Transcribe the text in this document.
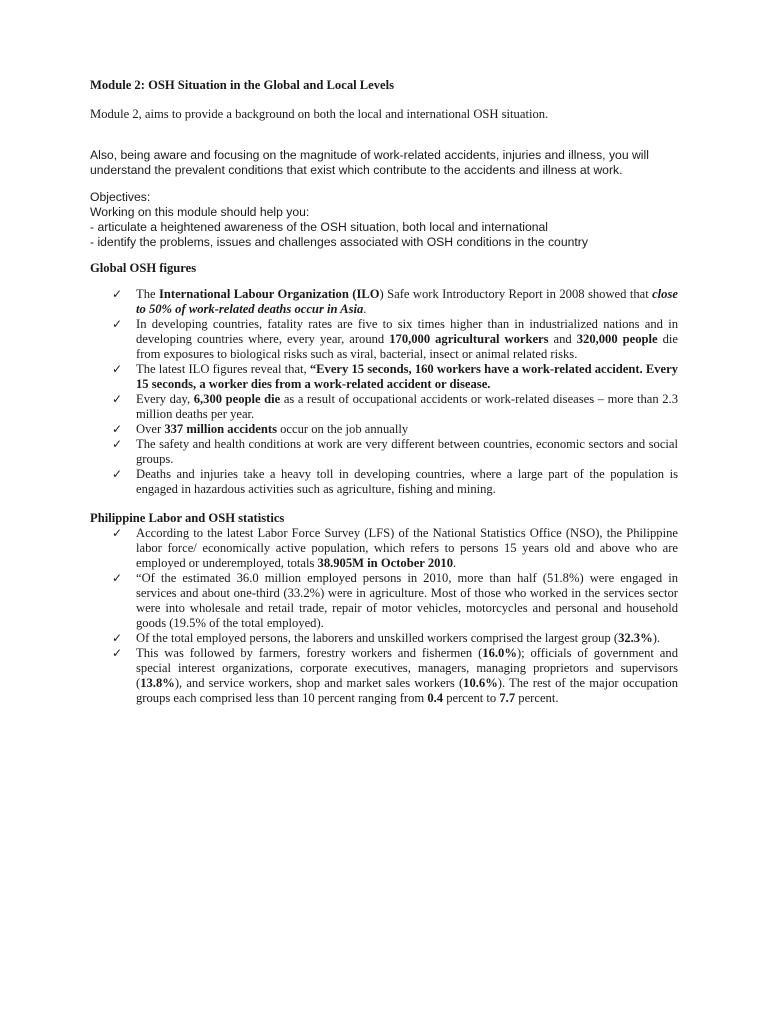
Module 2: OSH Situation in the Global and Local Levels

Module 2, aims to provide a background on both the local and international OSH situation.

Also, being aware and focusing on the magnitude of work-related accidents, injuries and illness, you will understand the prevalent conditions that exist which contribute to the accidents and illness at work.

Objectives:
Working on this module should help you:
- articulate a heightened awareness of the OSH situation, both local and international
- identify the problems, issues and challenges associated with OSH conditions in the country
Global OSH figures
✓ The International Labour Organization (ILO) Safe work Introductory Report in 2008 showed that close to 50% of work-related deaths occur in Asia.
✓ In developing countries, fatality rates are five to six times higher than in industrialized nations and in developing countries where, every year, around 170,000 agricultural workers and 320,000 people die from exposures to biological risks such as viral, bacterial, insect or animal related risks.
✓ The latest ILO figures reveal that, “Every 15 seconds, 160 workers have a work-related accident. Every 15 seconds, a worker dies from a work-related accident or disease.
✓ Every day, 6,300 people die as a result of occupational accidents or work-related diseases – more than 2.3 million deaths per year.
✓ Over 337 million accidents occur on the job annually
✓ The safety and health conditions at work are very different between countries, economic sectors and social groups.
✓ Deaths and injuries take a heavy toll in developing countries, where a large part of the population is engaged in hazardous activities such as agriculture, fishing and mining.
Philippine Labor and OSH statistics
✓ According to the latest Labor Force Survey (LFS) of the National Statistics Office (NSO), the Philippine labor force/ economically active population, which refers to persons 15 years old and above who are employed or underemployed, totals 38.905M in October 2010.
✓ “Of the estimated 36.0 million employed persons in 2010, more than half (51.8%) were engaged in services and about one-third (33.2%) were in agriculture. Most of those who worked in the services sector were into wholesale and retail trade, repair of motor vehicles, motorcycles and personal and household goods (19.5% of the total employed).
✓ Of the total employed persons, the laborers and unskilled workers comprised the largest group (32.3%).
✓ This was followed by farmers, forestry workers and fishermen (16.0%); officials of government and special interest organizations, corporate executives, managers, managing proprietors and supervisors (13.8%), and service workers, shop and market sales workers (10.6%). The rest of the major occupation groups each comprised less than 10 percent ranging from 0.4 percent to 7.7 percent.
